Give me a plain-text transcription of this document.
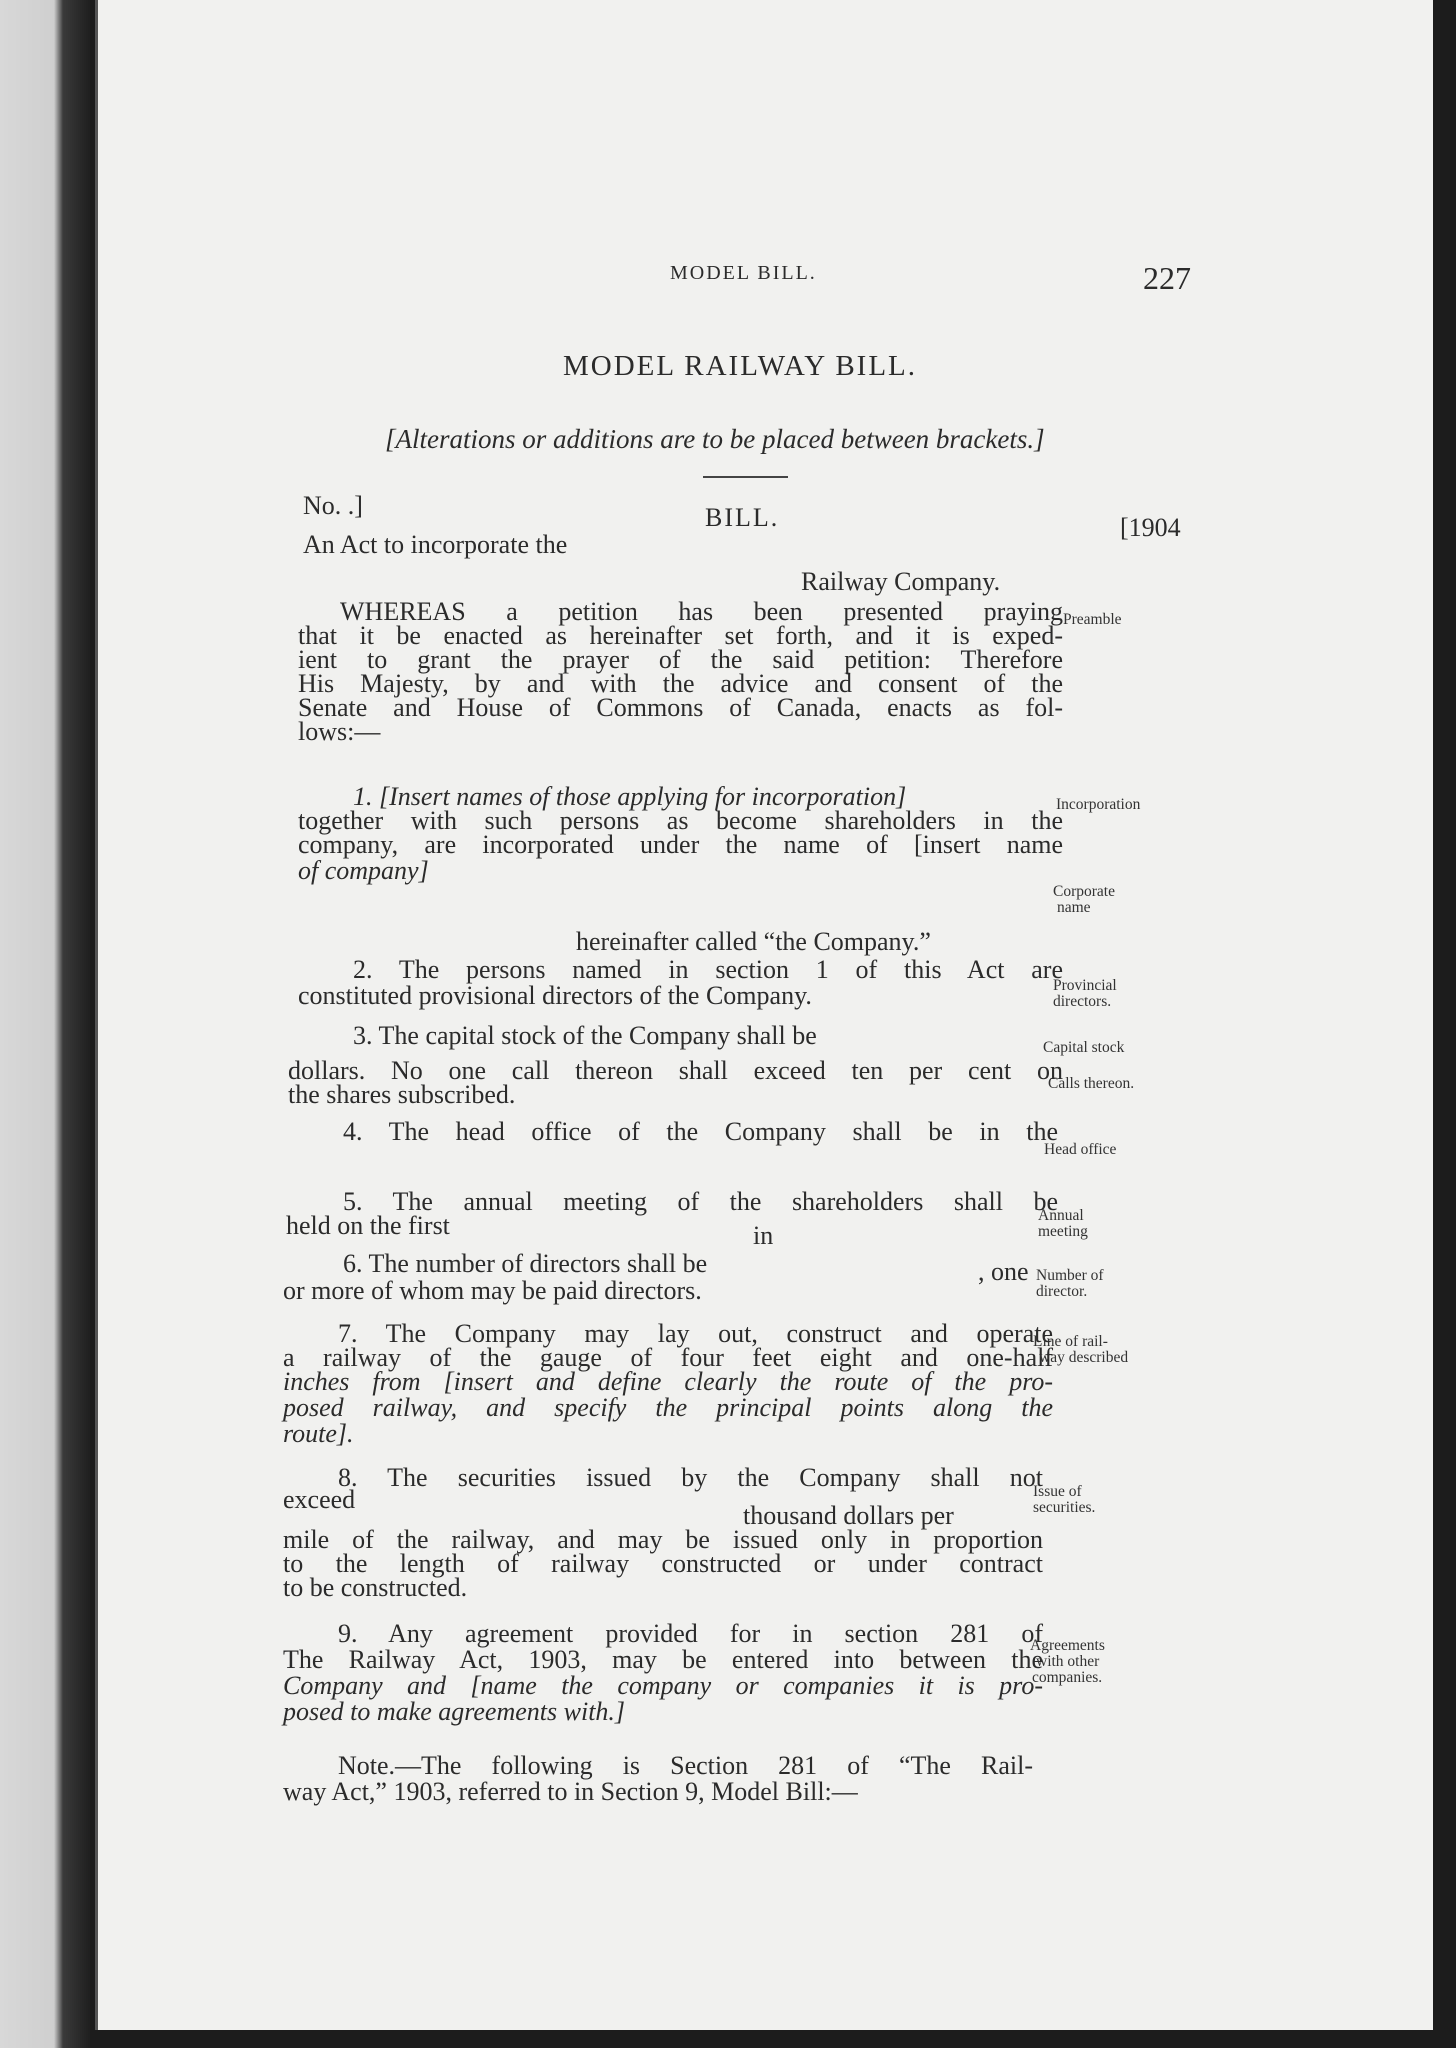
MODEL BILL.	227
MODEL RAILWAY BILL.
[Alterations or additions are to be placed between brackets.]
No. .]	BILL.	[1904
An Act to incorporate the
Railway Company.
WHEREAS a petition has been presented praying
that it be enacted as hereinafter set forth, and it is exped-
ient to grant the prayer of the said petition: Therefore
His Majesty, by and with the advice and consent of the
Senate and House of Commons of Canada, enacts as fol-
lows:—
1. [Insert names of those applying for incorporation]
together with such persons as become shareholders in the
company, are incorporated under the name of [insert name
of company]
hereinafter called “the Company.”
2. The persons named in section 1 of this Act are
constituted provisional directors of the Company.
3. The capital stock of the Company shall be
dollars. No one call thereon shall exceed ten per cent on
the shares subscribed.
4. The head office of the Company shall be in the
5. The annual meeting of the shareholders shall be
held on the first	in
6. The number of directors shall be	, one
or more of whom may be paid directors.
7. The Company may lay out, construct and operate
a railway of the gauge of four feet eight and one-half
inches from [insert and define clearly the route of the pro-
posed railway, and specify the principal points along the
route].
8. The securities issued by the Company shall not
exceed
thousand dollars per
mile of the railway, and may be issued only in proportion
to the length of railway constructed or under contract
to be constructed.
9. Any agreement provided for in section 281 of
The Railway Act, 1903, may be entered into between the
Company and [name the company or companies it is pro-
posed to make agreements with.]
Note.—The following is Section 281 of “The Rail-
way Act,” 1903, referred to in Section 9, Model Bill:—
Preamble
Incorporation
Corporate
name
Provincial
directors.
Capital stock
Calls thereon.
Head office
Annual
meeting
Number of
director.
Line of rail-
way described
Issue of
securities.
Agreements
with other
companies.
